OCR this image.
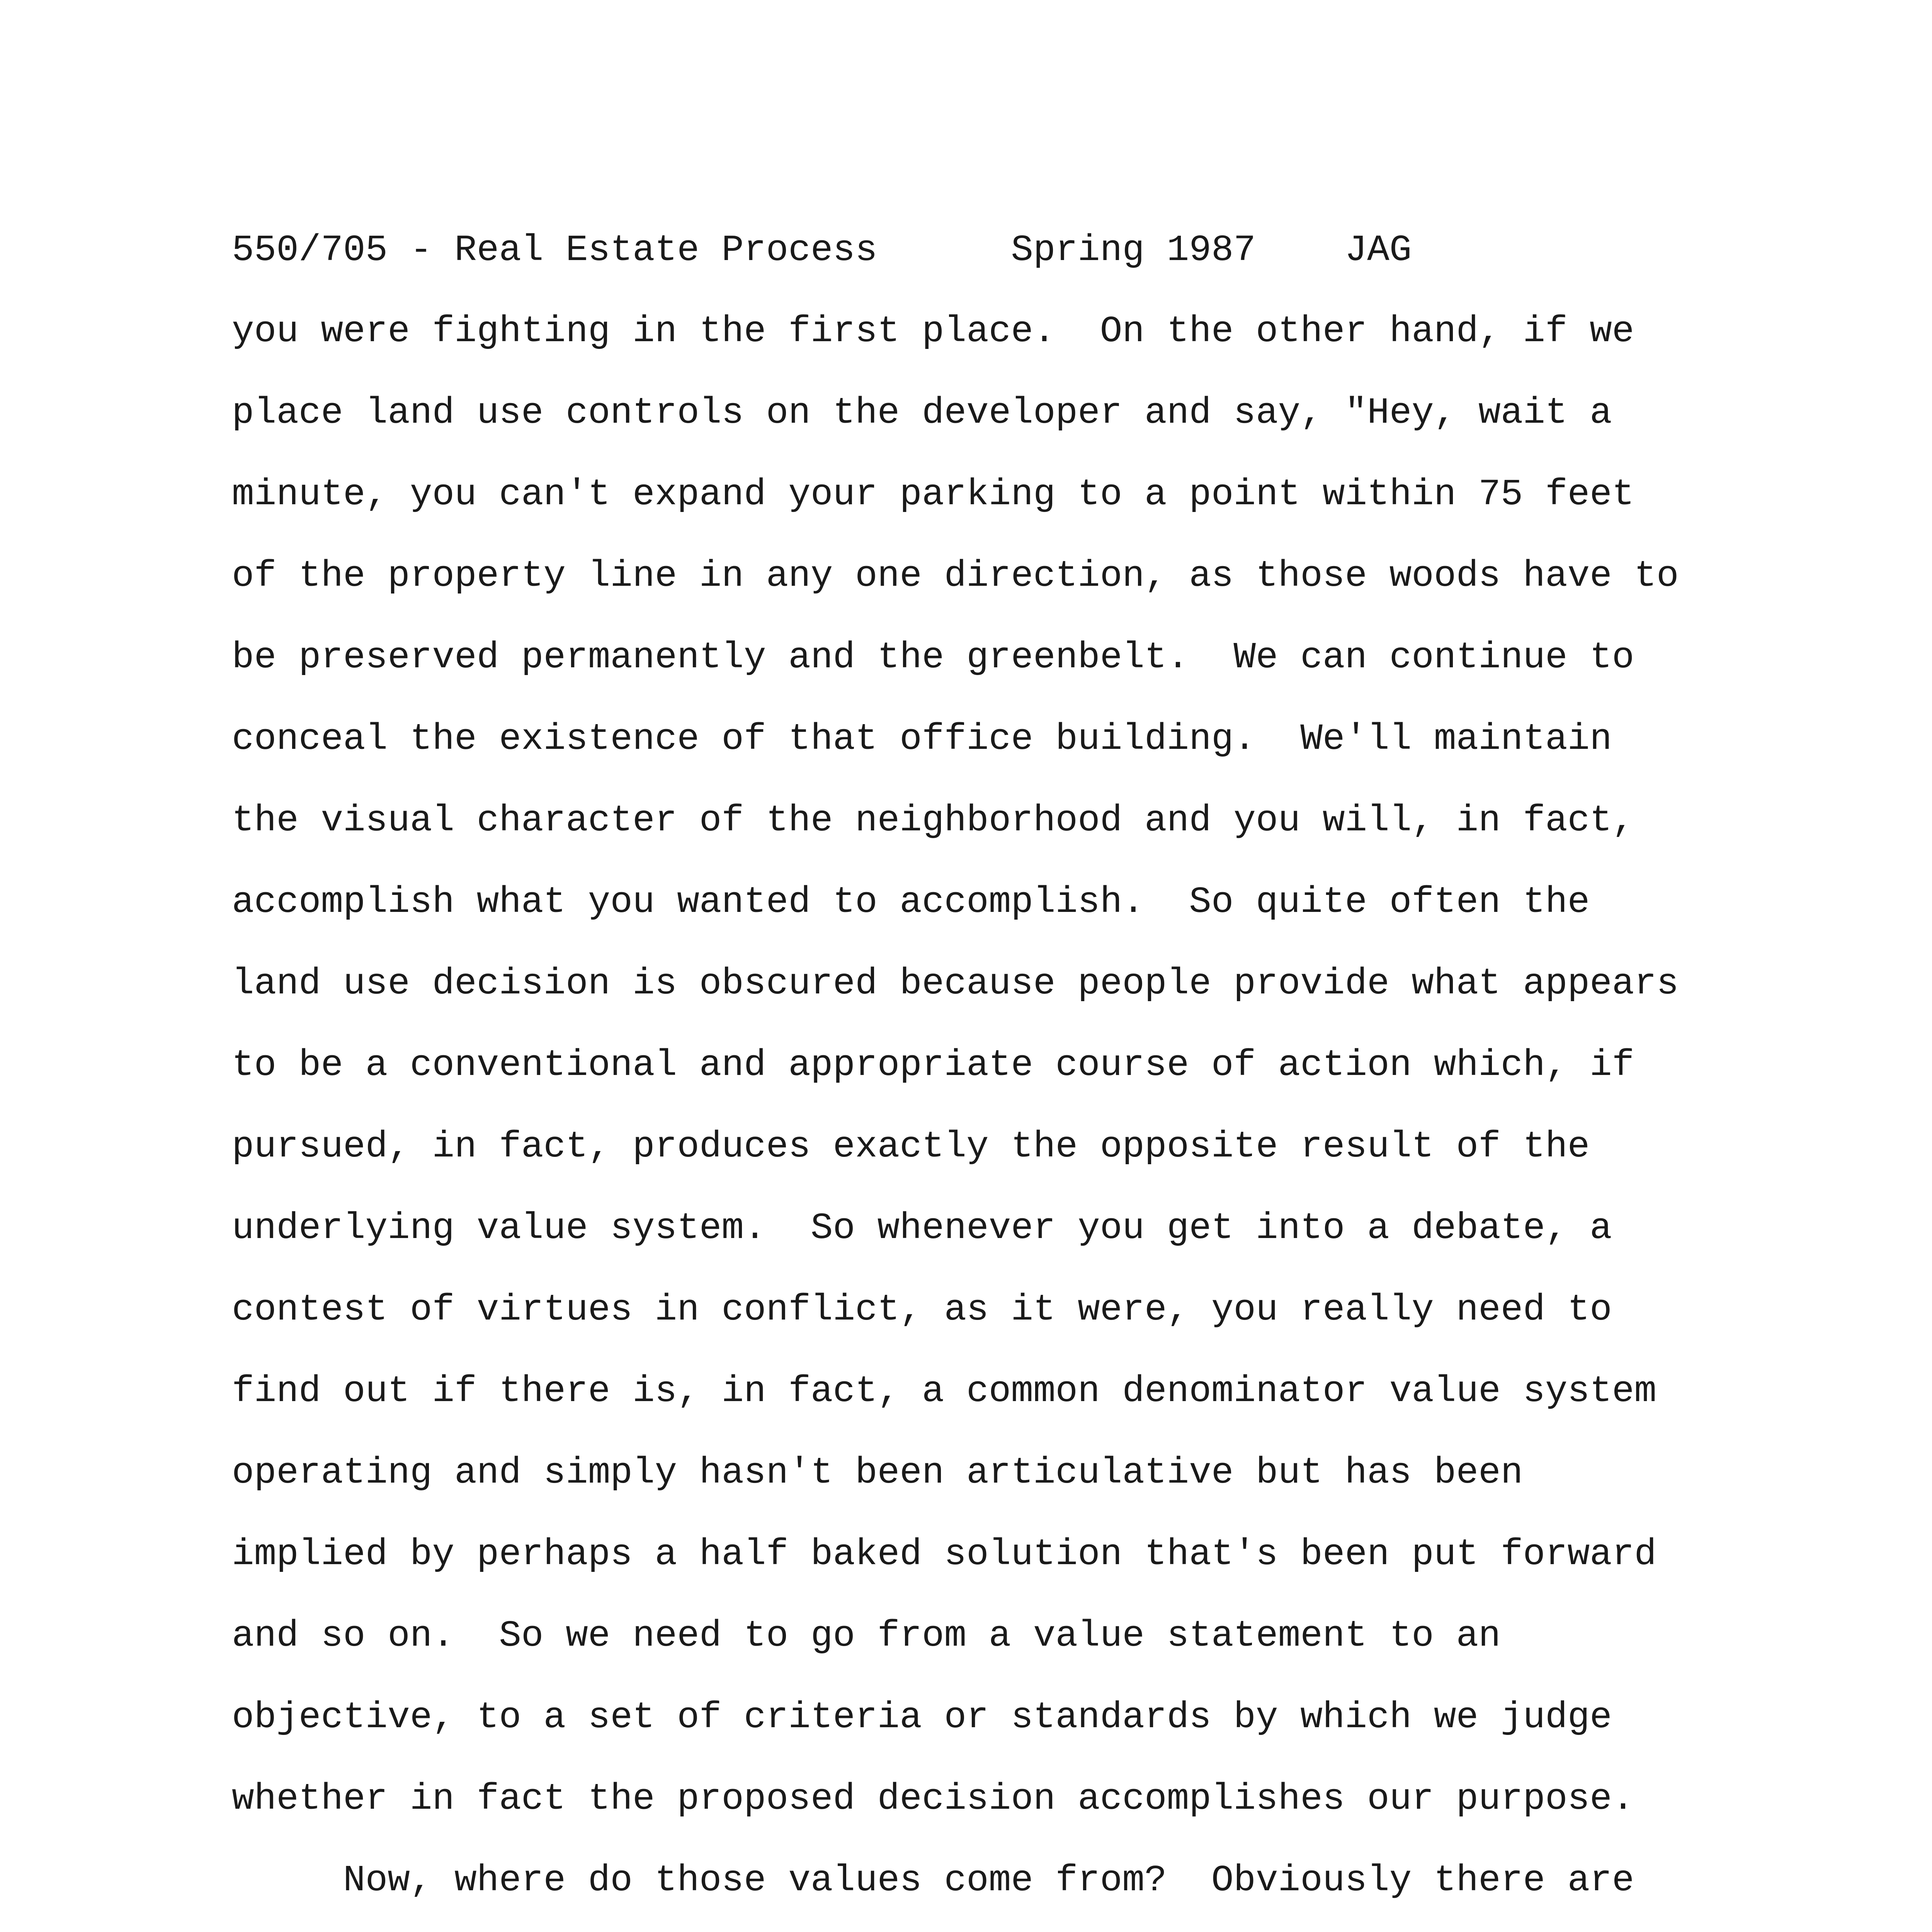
550/705 - Real Estate Process      Spring 1987    JAG
you were fighting in the first place.  On the other hand, if we
place land use controls on the developer and say, "Hey, wait a
minute, you can't expand your parking to a point within 75 feet
of the property line in any one direction, as those woods have to
be preserved permanently and the greenbelt.  We can continue to
conceal the existence of that office building.  We'll maintain
the visual character of the neighborhood and you will, in fact,
accomplish what you wanted to accomplish.  So quite often the
land use decision is obscured because people provide what appears
to be a conventional and appropriate course of action which, if
pursued, in fact, produces exactly the opposite result of the
underlying value system.  So whenever you get into a debate, a
contest of virtues in conflict, as it were, you really need to
find out if there is, in fact, a common denominator value system
operating and simply hasn't been articulative but has been
implied by perhaps a half baked solution that's been put forward
and so on.  So we need to go from a value statement to an
objective, to a set of criteria or standards by which we judge
whether in fact the proposed decision accomplishes our purpose.
Now, where do those values come from?  Obviously there are
